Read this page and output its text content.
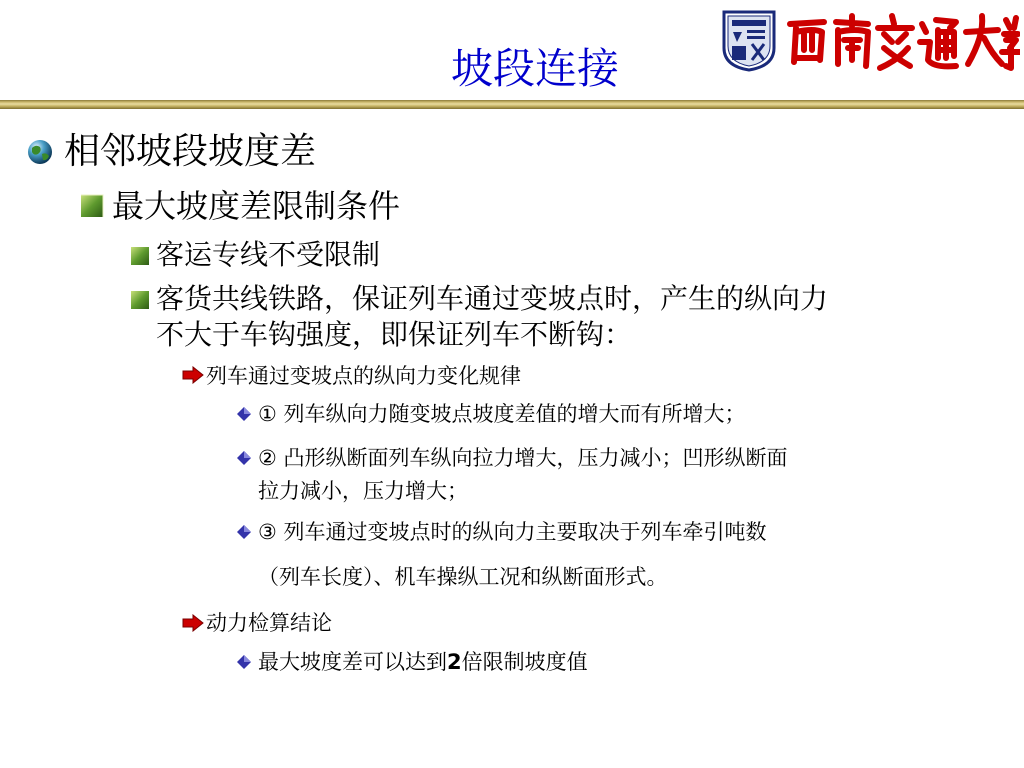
坡段连接
相邻坡段坡度差
最大坡度差限制条件
客运专线不受限制
客货共线铁路，保证列车通过变坡点时，产生的纵向力
不大于车钩强度，即保证列车不断钩：
列车通过变坡点的纵向力变化规律
① 列车纵向力随变坡点坡度差值的增大而有所增大；
② 凸形纵断面列车纵向拉力增大，压力减小；凹形纵断面
拉力减小，压力增大；
③ 列车通过变坡点时的纵向力主要取决于列车牵引吨数
（列车长度）、机车操纵工况和纵断面形式。
动力检算结论
最大坡度差可以达到2倍限制坡度值
